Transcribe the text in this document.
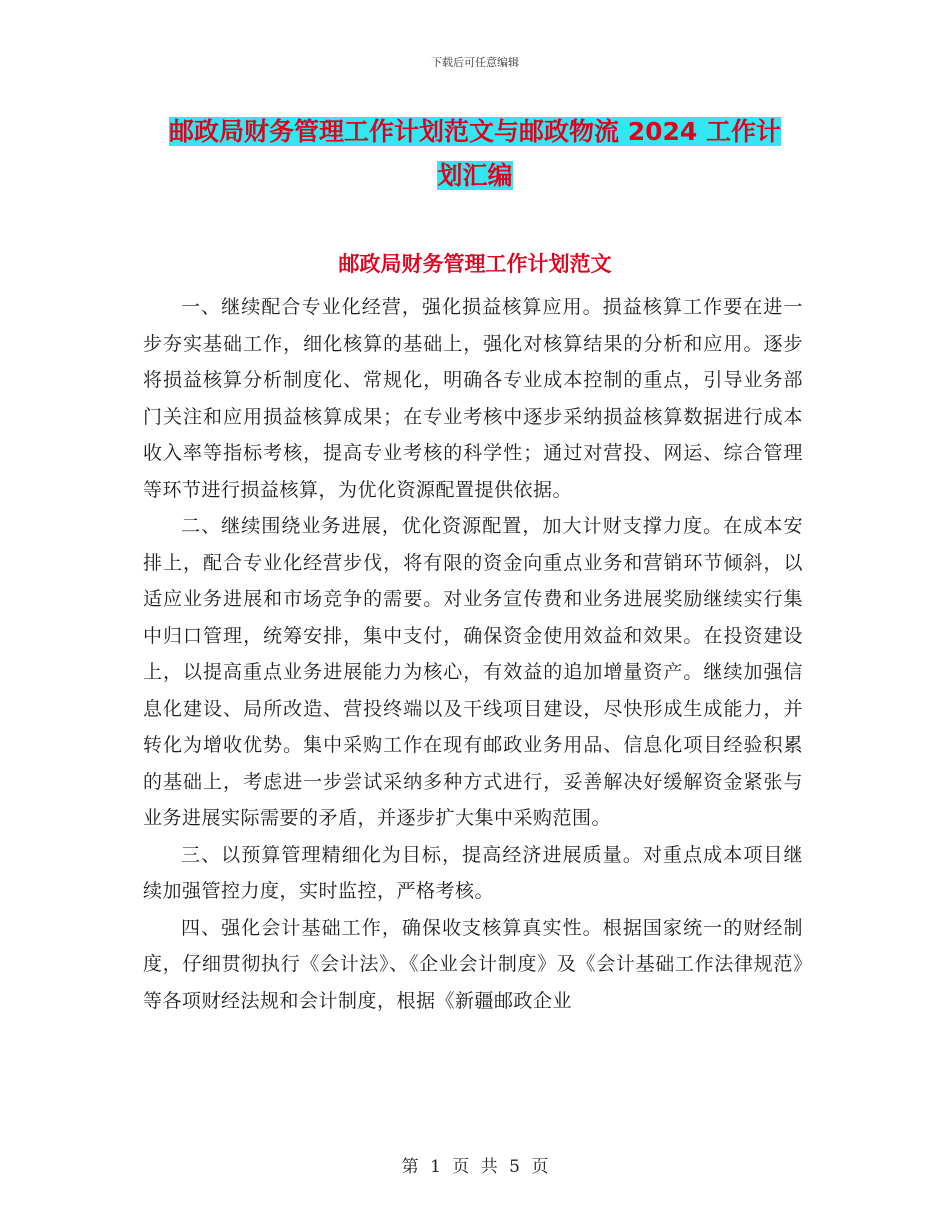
下载后可任意编辑
邮政局财务管理工作计划范文与邮政物流 2024 工作计
划汇编
邮政局财务管理工作计划范文

一、继续配合专业化经营，强化损益核算应用。损益核算工作要在进一步夯实基础工作，细化核算的基础上，强化对核算结果的分析和应用。逐步将损益核算分析制度化、常规化，明确各专业成本控制的重点，引导业务部门关注和应用损益核算成果；在专业考核中逐步采纳损益核算数据进行成本收入率等指标考核，提高专业考核的科学性；通过对营投、网运、综合管理等环节进行损益核算，为优化资源配置提供依据。

二、继续围绕业务进展，优化资源配置，加大计财支撑力度。在成本安排上，配合专业化经营步伐，将有限的资金向重点业务和营销环节倾斜，以适应业务进展和市场竞争的需要。对业务宣传费和业务进展奖励继续实行集中归口管理，统筹安排，集中支付，确保资金使用效益和效果。在投资建设上，以提高重点业务进展能力为核心，有效益的追加增量资产。继续加强信息化建设、局所改造、营投终端以及干线项目建设，尽快形成生成能力，并转化为增收优势。集中采购工作在现有邮政业务用品、信息化项目经验积累的基础上，考虑进一步尝试采纳多种方式进行，妥善解决好缓解资金紧张与业务进展实际需要的矛盾，并逐步扩大集中采购范围。

三、以预算管理精细化为目标，提高经济进展质量。对重点成本项目继续加强管控力度，实时监控，严格考核。

四、强化会计基础工作，确保收支核算真实性。根据国家统一的财经制度，仔细贯彻执行《会计法》、《企业会计制度》及《会计基础工作法律规范》等各项财经法规和会计制度，根据《新疆邮政企业

第 1 页 共 5 页
